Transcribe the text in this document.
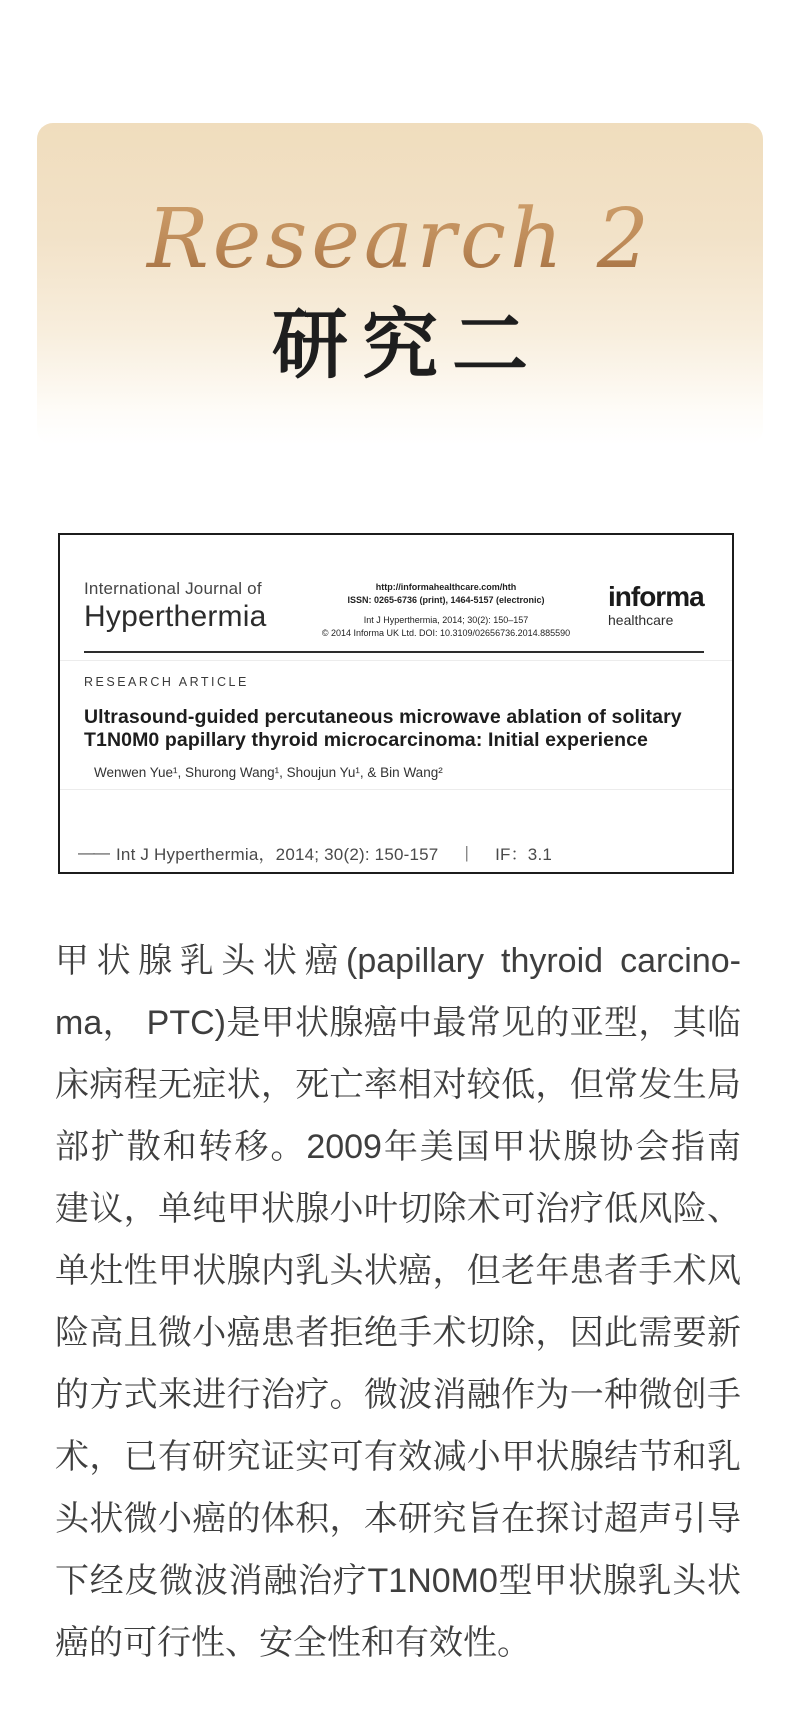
Research 2
研究二
International Journal of
Hyperthermia
http://informahealthcare.com/hth
ISSN: 0265-6736 (print), 1464-5157 (electronic)
Int J Hyperthermia, 2014; 30(2): 150–157
© 2014 Informa UK Ltd. DOI: 10.3109/02656736.2014.885590
informa
healthcare
RESEARCH ARTICLE
Ultrasound-guided percutaneous microwave ablation of solitary T1N0M0 papillary thyroid microcarcinoma: Initial experience
Wenwen Yue¹, Shurong Wang¹, Shoujun Yu¹, & Bin Wang²
—— Int J Hyperthermia，2014; 30(2): 150-157 | IF：3.1
甲状腺乳头状癌(papillary thyroid carcino-
ma， PTC)是甲状腺癌中最常见的亚型，其临
床病程无症状，死亡率相对较低，但常发生局
部扩散和转移。2009年美国甲状腺协会指南
建议，单纯甲状腺小叶切除术可治疗低风险、
单灶性甲状腺内乳头状癌，但老年患者手术风
险高且微小癌患者拒绝手术切除，因此需要新
的方式来进行治疗。微波消融作为一种微创手
术，已有研究证实可有效减小甲状腺结节和乳
头状微小癌的体积，本研究旨在探讨超声引导
下经皮微波消融治疗T1N0M0型甲状腺乳头状
癌的可行性、安全性和有效性。
